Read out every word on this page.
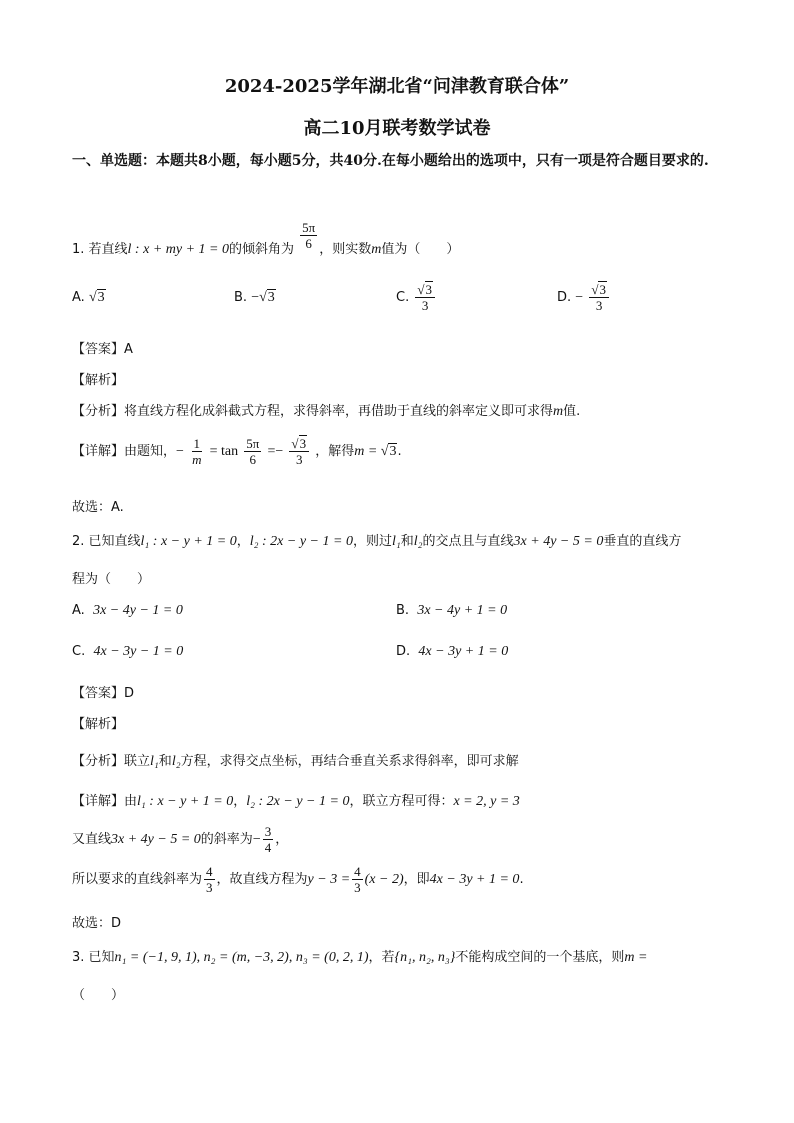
2024-2025学年湖北省“问津教育联合体”
高二10月联考数学试卷
一、单选题：本题共8小题，每小题5分，共40分.在每小题给出的选项中，只有一项是符合题目要求的.
1. 若直线l : x + my + 1 = 0的倾斜角为 $\frac{5\pi}{6}$ ，则实数m值为（　　）
A. √3	B. −√3	C. $\frac{√3}{3}$	D. − $\frac{√3}{3}$
【答案】A
【解析】
【分析】将直线方程化成斜截式方程，求得斜率，再借助于直线的斜率定义即可求得m值.
【详解】由题知，− $\frac{1}{m} = \tan \frac{5\pi}{6} =- \frac{√3}{3}$ ，解得m = √3.
故选：A.
2. 已知直线l₁ : x − y + 1 = 0，l₂ : 2x − y − 1 = 0，则过l₁和l₂的交点且与直线3x + 4y − 5 = 0垂直的直线方
程为（　　）
A. 3x − 4y − 1 = 0	B. 3x − 4y + 1 = 0
C. 4x − 3y − 1 = 0	D. 4x − 3y + 1 = 0
【答案】D
【解析】
【分析】联立l₁和l₂方程，求得交点坐标，再结合垂直关系求得斜率，即可求解
【详解】由l₁ : x − y + 1 = 0，l₂ : 2x − y − 1 = 0，联立方程可得：x = 2, y = 3
又直线3x + 4y − 5 = 0的斜率为− $\frac{3}{4}$ ，
所以要求的直线斜率为 $\frac{4}{3}$ ，故直线方程为$y - 3 = \frac{4}{3} (x - 2)$，即4x − 3y + 1 = 0.
故选：D
3. 已知n₁ = (−1, 9, 1), n₂ = (m, −3, 2), n₃ = (0, 2, 1)，若{n₁, n₂, n₃}不能构成空间的一个基底，则m =
（　　）
